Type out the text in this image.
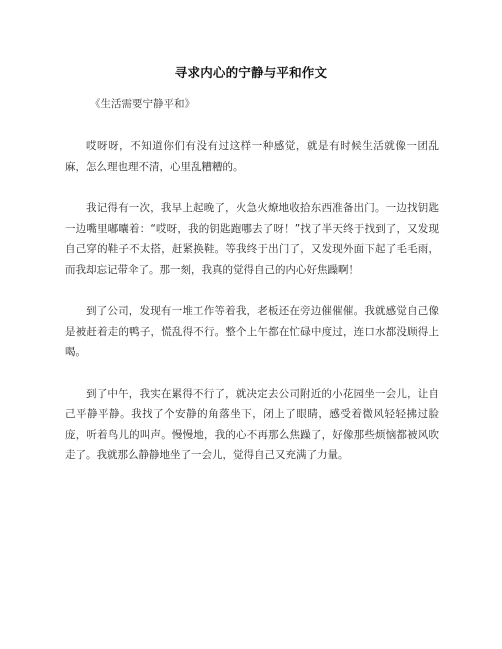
寻求内心的宁静与平和作文
《生活需要宁静平和》

哎呀呀，不知道你们有没有过这样一种感觉，就是有时候生活就像一团乱麻，怎么理也理不清，心里乱糟糟的。

我记得有一次，我早上起晚了，火急火燎地收拾东西准备出门。一边找钥匙一边嘴里嘟囔着：“哎呀，我的钥匙跑哪去了呀！”找了半天终于找到了，又发现自己穿的鞋子不太搭，赶紧换鞋。等我终于出门了，又发现外面下起了毛毛雨，而我却忘记带伞了。那一刻，我真的觉得自己的内心好焦躁啊！

到了公司，发现有一堆工作等着我，老板还在旁边催催催。我就感觉自己像是被赶着走的鸭子，慌乱得不行。整个上午都在忙碌中度过，连口水都没顾得上喝。

到了中午，我实在累得不行了，就决定去公司附近的小花园坐一会儿，让自己平静平静。我找了个安静的角落坐下，闭上了眼睛，感受着微风轻轻拂过脸庞，听着鸟儿的叫声。慢慢地，我的心不再那么焦躁了，好像那些烦恼都被风吹走了。我就那么静静地坐了一会儿，觉得自己又充满了力量。
